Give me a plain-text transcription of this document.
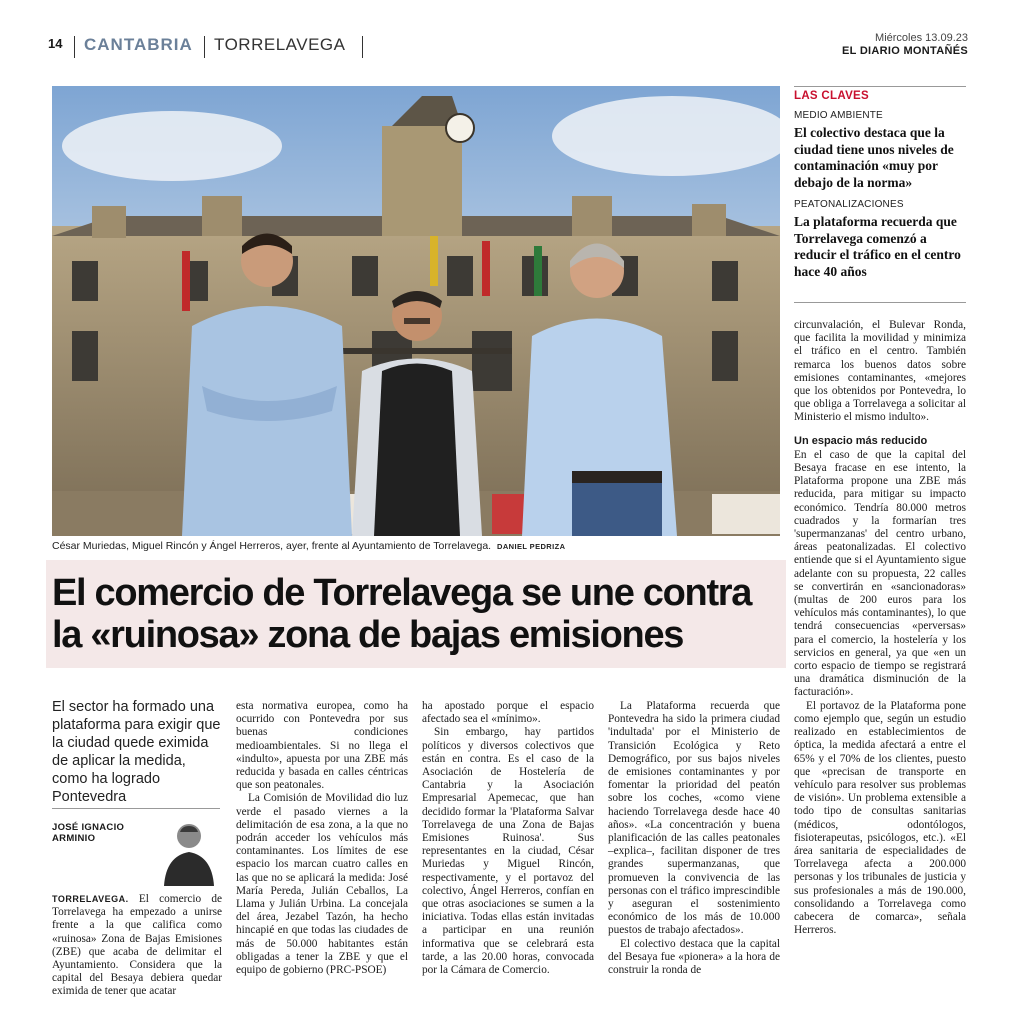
14 CANTABRIA TORRELAVEGA	Miércoles 13.09.23
EL DIARIO MONTAÑÉS
César Muriedas, Miguel Rincón y Ángel Herreros, ayer, frente al Ayuntamiento de Torrelavega. DANIEL PEDRIZA
El comercio de Torrelavega se une contra
la «ruinosa» zona de bajas emisiones
LAS CLAVES
MEDIO AMBIENTE
El colectivo destaca que la ciudad tiene unos niveles de contaminación «muy por debajo de la norma»
PEATONALIZACIONES
La plataforma recuerda que Torrelavega comenzó a reducir el tráfico en el centro hace 40 años
El sector ha formado una plataforma para exigir que la ciudad quede eximida de aplicar la medida, como ha logrado Pontevedra
JOSÉ IGNACIO ARMINIO

TORRELAVEGA. El comercio de Torrelavega ha empezado a unirse frente a la que califica como «ruinosa» Zona de Bajas Emisiones (ZBE) que acaba de delimitar el Ayuntamiento. Considera que la capital del Besaya debiera quedar eximida de tener que acatar

esta normativa europea, como ha ocurrido con Pontevedra por sus buenas condiciones medioambientales. Si no llega el «indulto», apuesta por una ZBE más reducida y basada en calles céntricas que son peatonales.

La Comisión de Movilidad dio luz verde el pasado viernes a la delimitación de esa zona, a la que no podrán acceder los vehículos más contaminantes. Los límites de ese espacio los marcan cuatro calles en las que no se aplicará la medida: José María Pereda, Julián Ceballos, La Llama y Julián Urbina. La concejala del área, Jezabel Tazón, ha hecho hincapié en que todas las ciudades de más de 50.000 habitantes están obligadas a tener la ZBE y que el equipo de gobierno (PRC-PSOE)

ha apostado porque el espacio afectado sea el «mínimo».

Sin embargo, hay partidos políticos y diversos colectivos que están en contra. Es el caso de la Asociación de Hostelería de Cantabria y la Asociación Empresarial Apemecac, que han decidido formar la 'Plataforma Salvar Torrelavega de una Zona de Bajas Emisiones Ruinosa'. Sus representantes en la ciudad, César Muriedas y Miguel Rincón, respectivamente, y el portavoz del colectivo, Ángel Herreros, confían en que otras asociaciones se sumen a la iniciativa. Todas ellas están invitadas a participar en una reunión informativa que se celebrará esta tarde, a las 20.00 horas, convocada por la Cámara de Comercio.

La Plataforma recuerda que Pontevedra ha sido la primera ciudad 'indultada' por el Ministerio de Transición Ecológica y Reto Demográfico, por sus bajos niveles de emisiones contaminantes y por fomentar la prioridad del peatón sobre los coches, «como viene haciendo Torrelavega desde hace 40 años». «La concentración y buena planificación de las calles peatonales –explica–, facilitan disponer de tres grandes supermanzanas, que promueven la convivencia de las personas con el tráfico imprescindible y aseguran el sostenimiento económico de los más de 10.000 puestos de trabajo afectados».

El colectivo destaca que la capital del Besaya fue «pionera» a la hora de construir la ronda de

circunvalación, el Bulevar Ronda, que facilita la movilidad y minimiza el tráfico en el centro. También remarca los buenos datos sobre emisiones contaminantes, «mejores que los obtenidos por Pontevedra, lo que obliga a Torrelavega a solicitar al Ministerio el mismo indulto».

Un espacio más reducido

En el caso de que la capital del Besaya fracase en ese intento, la Plataforma propone una ZBE más reducida, para mitigar su impacto económico. Tendría 80.000 metros cuadrados y la formarían tres 'supermanzanas' del centro urbano, áreas peatonalizadas. El colectivo entiende que si el Ayuntamiento sigue adelante con su propuesta, 22 calles se convertirán en «sancionadoras» (multas de 200 euros para los vehículos más contaminantes), lo que tendrá consecuencias «perversas» para el comercio, la hostelería y los servicios en general, ya que «en un corto espacio de tiempo se registrará una dramática disminución de la facturación».

El portavoz de la Plataforma pone como ejemplo que, según un estudio realizado en establecimientos de óptica, la medida afectará a entre el 65% y el 70% de los clientes, puesto que «precisan de transporte en vehículo para resolver sus problemas de visión». Un problema extensible a todo tipo de consultas sanitarias (médicos, odontólogos, fisioterapeutas, psicólogos, etc.). «El área sanitaria de especialidades de Torrelavega afecta a 200.000 personas y los tribunales de justicia y sus profesionales a más de 190.000, consolidando a Torrelavega como cabecera de comarca», señala Herreros.
